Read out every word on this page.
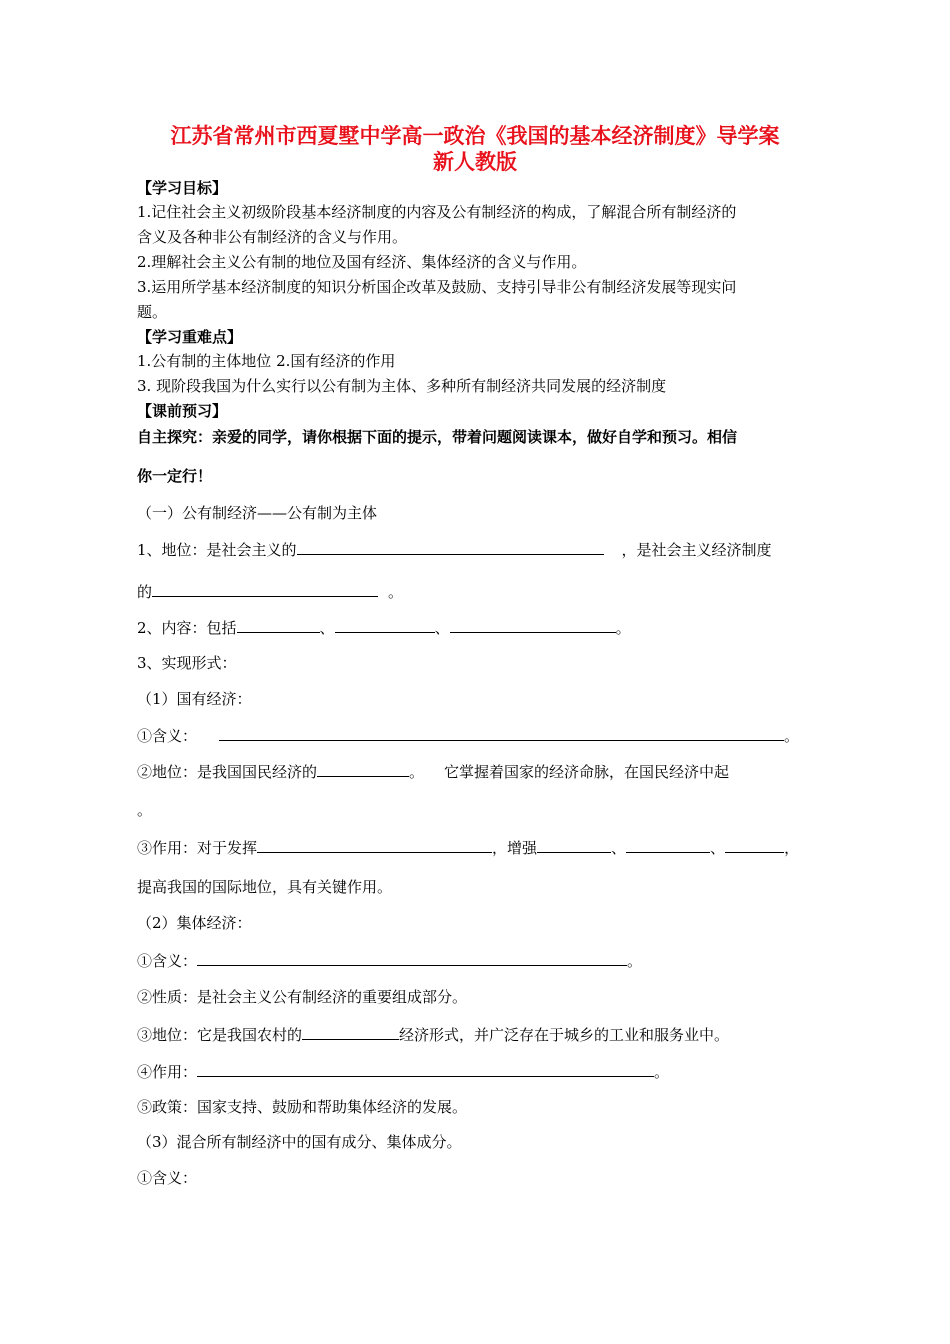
江苏省常州市西夏墅中学高一政治《我国的基本经济制度》导学案
新人教版
【学习目标】
1.记住社会主义初级阶段基本经济制度的内容及公有制经济的构成，了解混合所有制经济的
含义及各种非公有制经济的含义与作用。
2.理解社会主义公有制的地位及国有经济、集体经济的含义与作用。
3.运用所学基本经济制度的知识分析国企改革及鼓励、支持引导非公有制经济发展等现实问
题。
【学习重难点】
1.公有制的主体地位 2.国有经济的作用
3. 现阶段我国为什么实行以公有制为主体、多种所有制经济共同发展的经济制度
【课前预习】
自主探究：亲爱的同学，请你根据下面的提示，带着问题阅读课本，做好自学和预习。相信
你一定行！
（一）公有制经济——公有制为主体
1、地位：是社会主义的	，是社会主义经济制度
的	。
2、内容：包括	、	、	。
3、实现形式：
（1）国有经济：
①含义：	。
②地位：是我国国民经济的	。 它掌握着国家的经济命脉，在国民经济中起
。
③作用：对于发挥	，增强	、	、	，
提高我国的国际地位，具有关键作用。
（2）集体经济：
①含义：	。
②性质：是社会主义公有制经济的重要组成部分。
③地位：它是我国农村的	经济形式，并广泛存在于城乡的工业和服务业中。
④作用：	。
⑤政策：国家支持、鼓励和帮助集体经济的发展。
（3）混合所有制经济中的国有成分、集体成分。
①含义：
